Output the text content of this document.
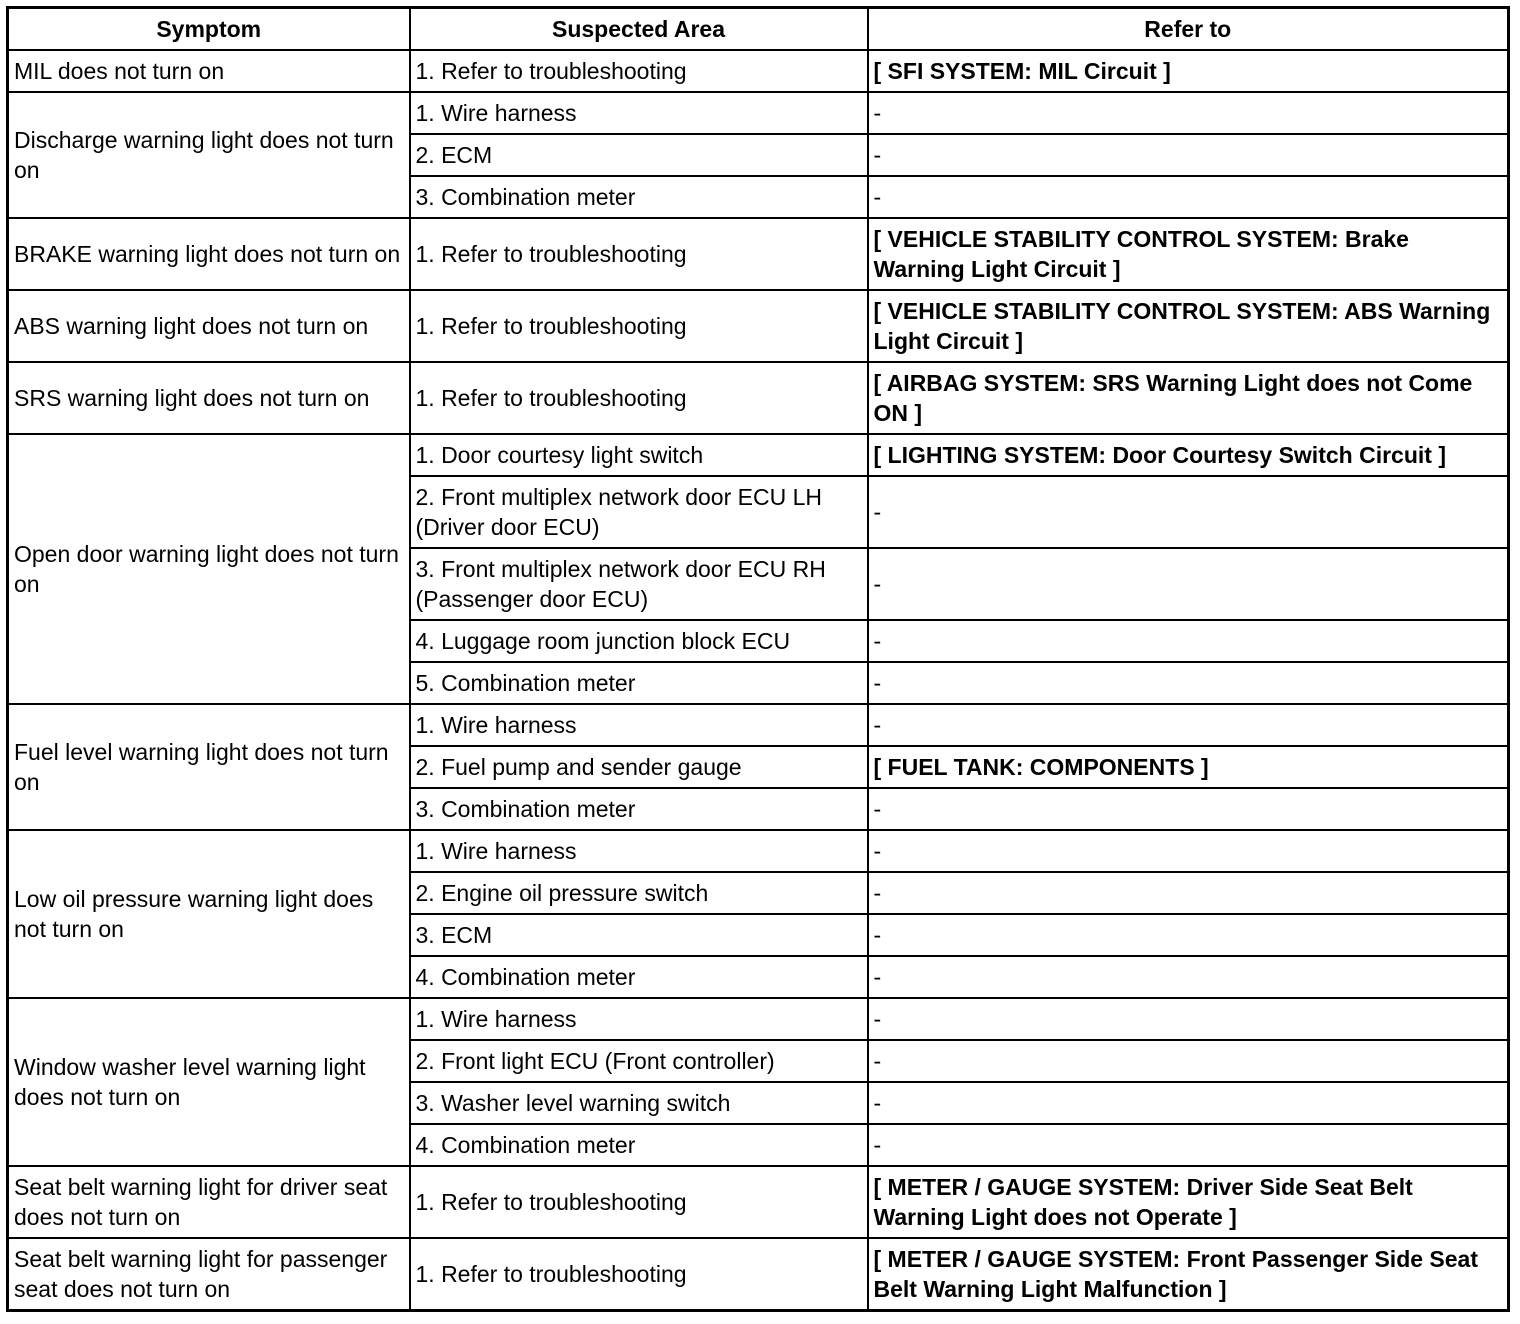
Symptom	Suspected Area	Refer to
MIL does not turn on	1. Refer to troubleshooting	[ SFI SYSTEM: MIL Circuit ]
Discharge warning light does not turn on	1. Wire harness	-
	2. ECM	-
	3. Combination meter	-
BRAKE warning light does not turn on	1. Refer to troubleshooting	[ VEHICLE STABILITY CONTROL SYSTEM: Brake Warning Light Circuit ]
ABS warning light does not turn on	1. Refer to troubleshooting	[ VEHICLE STABILITY CONTROL SYSTEM: ABS Warning Light Circuit ]
SRS warning light does not turn on	1. Refer to troubleshooting	[ AIRBAG SYSTEM: SRS Warning Light does not Come ON ]
Open door warning light does not turn on	1. Door courtesy light switch	[ LIGHTING SYSTEM: Door Courtesy Switch Circuit ]
	2. Front multiplex network door ECU LH (Driver door ECU)	-
	3. Front multiplex network door ECU RH (Passenger door ECU)	-
	4. Luggage room junction block ECU	-
	5. Combination meter	-
Fuel level warning light does not turn on	1. Wire harness	-
	2. Fuel pump and sender gauge	[ FUEL TANK: COMPONENTS ]
	3. Combination meter	-
Low oil pressure warning light does not turn on	1. Wire harness	-
	2. Engine oil pressure switch	-
	3. ECM	-
	4. Combination meter	-
Window washer level warning light does not turn on	1. Wire harness	-
	2. Front light ECU (Front controller)	-
	3. Washer level warning switch	-
	4. Combination meter	-
Seat belt warning light for driver seat does not turn on	1. Refer to troubleshooting	[ METER / GAUGE SYSTEM: Driver Side Seat Belt Warning Light does not Operate ]
Seat belt warning light for passenger seat does not turn on	1. Refer to troubleshooting	[ METER / GAUGE SYSTEM: Front Passenger Side Seat Belt Warning Light Malfunction ]
